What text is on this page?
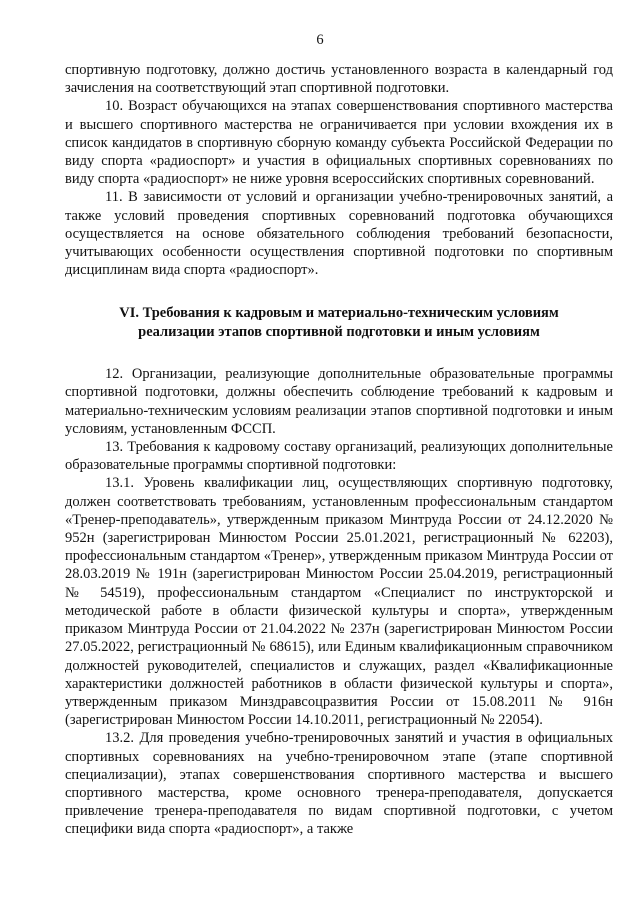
6

спортивную подготовку, должно достичь установленного возраста в календарный год зачисления на соответствующий этап спортивной подготовки.

10. Возраст обучающихся на этапах совершенствования спортивного мастерства и высшего спортивного мастерства не ограничивается при условии вхождения их в список кандидатов в спортивную сборную команду субъекта Российской Федерации по виду спорта «радиоспорт» и участия в официальных спортивных соревнованиях по виду спорта «радиоспорт» не ниже уровня всероссийских спортивных соревнований.

11. В зависимости от условий и организации учебно-тренировочных занятий, а также условий проведения спортивных соревнований подготовка обучающихся осуществляется на основе обязательного соблюдения требований безопасности, учитывающих особенности осуществления спортивной подготовки по спортивным дисциплинам вида спорта «радиоспорт».

VI. Требования к кадровым и материально-техническим условиям
реализации этапов спортивной подготовки и иным условиям

12. Организации, реализующие дополнительные образовательные программы спортивной подготовки, должны обеспечить соблюдение требований к кадровым и материально-техническим условиям реализации этапов спортивной подготовки и иным условиям, установленным ФССП.

13. Требования к кадровому составу организаций, реализующих дополнительные образовательные программы спортивной подготовки:

13.1. Уровень квалификации лиц, осуществляющих спортивную подготовку, должен соответствовать требованиям, установленным профессиональным стандартом «Тренер-преподаватель», утвержденным приказом Минтруда России от 24.12.2020 № 952н (зарегистрирован Минюстом России 25.01.2021, регистрационный № 62203), профессиональным стандартом «Тренер», утвержденным приказом Минтруда России от 28.03.2019 № 191н (зарегистрирован Минюстом России 25.04.2019, регистрационный № 54519), профессиональным стандартом «Специалист по инструкторской и методической работе в области физической культуры и спорта», утвержденным приказом Минтруда России от 21.04.2022 № 237н (зарегистрирован Минюстом России 27.05.2022, регистрационный № 68615), или Единым квалификационным справочником должностей руководителей, специалистов и служащих, раздел «Квалификационные характеристики должностей работников в области физической культуры и спорта», утвержденным приказом Минздравсоцразвития России от 15.08.2011 № 916н (зарегистрирован Минюстом России 14.10.2011, регистрационный № 22054).

13.2. Для проведения учебно-тренировочных занятий и участия в официальных спортивных соревнованиях на учебно-тренировочном этапе (этапе спортивной специализации), этапах совершенствования спортивного мастерства и высшего спортивного мастерства, кроме основного тренера-преподавателя, допускается привлечение тренера-преподавателя по видам спортивной подготовки, с учетом специфики вида спорта «радиоспорт», а также
